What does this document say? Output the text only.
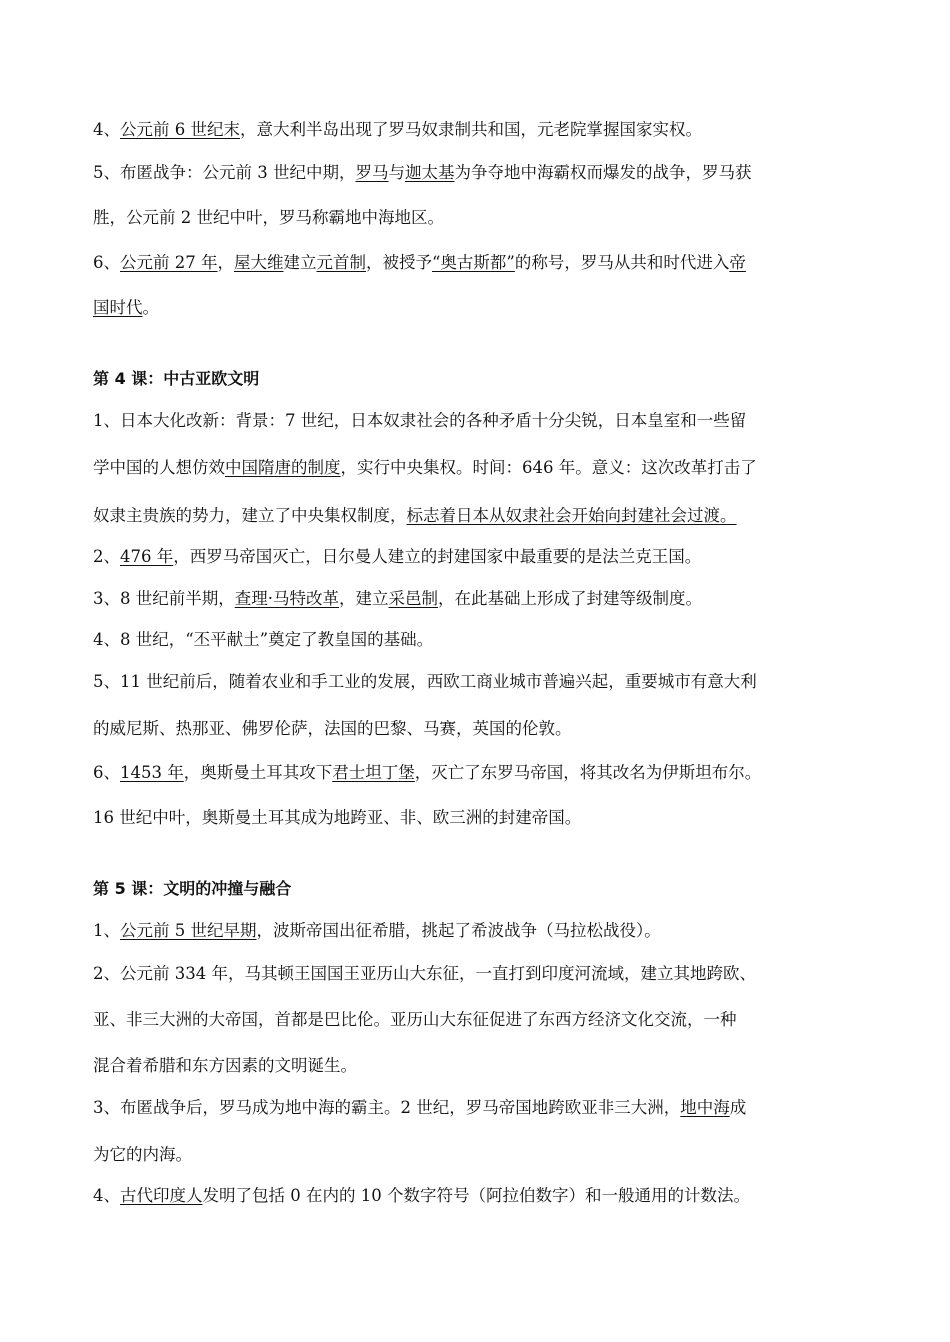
4、公元前 6 世纪末，意大利半岛出现了罗马奴隶制共和国，元老院掌握国家实权。
5、布匿战争：公元前 3 世纪中期，罗马与迦太基为争夺地中海霸权而爆发的战争，罗马获
胜，公元前 2 世纪中叶，罗马称霸地中海地区。
6、公元前 27 年，屋大维建立元首制，被授予“奥古斯都”的称号，罗马从共和时代进入帝
国时代。
第 4 课：中古亚欧文明
1、日本大化改新：背景：7 世纪，日本奴隶社会的各种矛盾十分尖锐，日本皇室和一些留
学中国的人想仿效中国隋唐的制度，实行中央集权。时间：646 年。意义：这次改革打击了
奴隶主贵族的势力，建立了中央集权制度，标志着日本从奴隶社会开始向封建社会过渡。
2、476 年，西罗马帝国灭亡，日尔曼人建立的封建国家中最重要的是法兰克王国。
3、8 世纪前半期，查理·马特改革，建立采邑制，在此基础上形成了封建等级制度。
4、8 世纪，“丕平献土”奠定了教皇国的基础。
5、11 世纪前后，随着农业和手工业的发展，西欧工商业城市普遍兴起，重要城市有意大利
的威尼斯、热那亚、佛罗伦萨，法国的巴黎、马赛，英国的伦敦。
6、1453 年，奥斯曼土耳其攻下君士坦丁堡，灭亡了东罗马帝国，将其改名为伊斯坦布尔。
16 世纪中叶，奥斯曼土耳其成为地跨亚、非、欧三洲的封建帝国。
第 5 课：文明的冲撞与融合
1、公元前 5 世纪早期，波斯帝国出征希腊，挑起了希波战争（马拉松战役）。
2、公元前 334 年，马其顿王国国王亚历山大东征，一直打到印度河流域，建立其地跨欧、
亚、非三大洲的大帝国，首都是巴比伦。亚历山大东征促进了东西方经济文化交流，一种
混合着希腊和东方因素的文明诞生。
3、布匿战争后，罗马成为地中海的霸主。2 世纪，罗马帝国地跨欧亚非三大洲，地中海成
为它的内海。
4、古代印度人发明了包括 0 在内的 10 个数字符号（阿拉伯数字）和一般通用的计数法。
